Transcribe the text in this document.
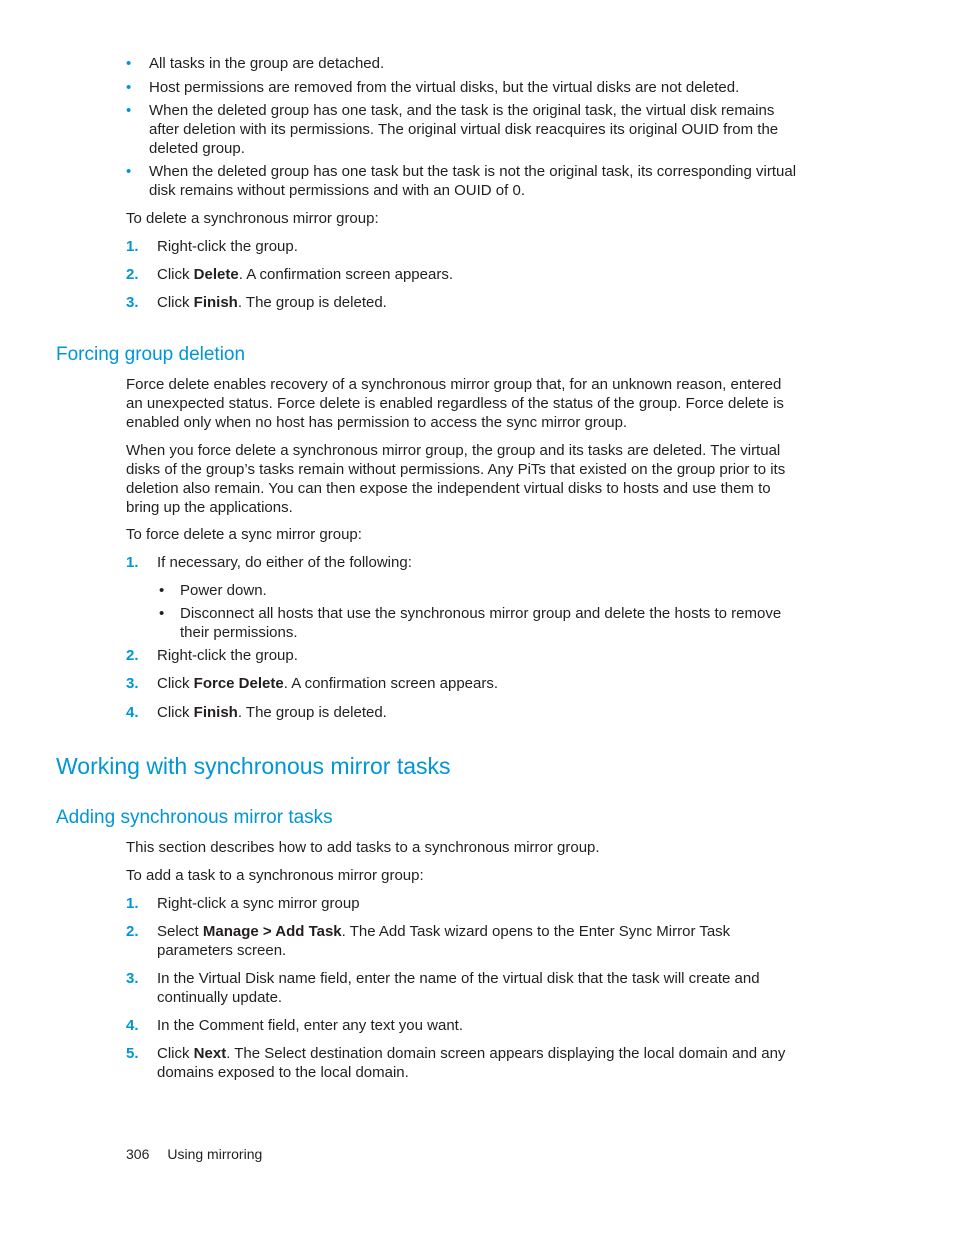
• All tasks in the group are detached.
• Host permissions are removed from the virtual disks, but the virtual disks are not deleted.
• When the deleted group has one task, and the task is the original task, the virtual disk remains after deletion with its permissions. The original virtual disk reacquires its original OUID from the deleted group.
• When the deleted group has one task but the task is not the original task, its corresponding virtual disk remains without permissions and with an OUID of 0.
To delete a synchronous mirror group:
1. Right-click the group.
2. Click Delete. A confirmation screen appears.
3. Click Finish. The group is deleted.
Forcing group deletion
Force delete enables recovery of a synchronous mirror group that, for an unknown reason, entered an unexpected status. Force delete is enabled regardless of the status of the group. Force delete is enabled only when no host has permission to access the sync mirror group.
When you force delete a synchronous mirror group, the group and its tasks are deleted. The virtual disks of the group’s tasks remain without permissions. Any PiTs that existed on the group prior to its deletion also remain. You can then expose the independent virtual disks to hosts and use them to bring up the applications.
To force delete a sync mirror group:
1. If necessary, do either of the following:
• Power down.
• Disconnect all hosts that use the synchronous mirror group and delete the hosts to remove their permissions.
2. Right-click the group.
3. Click Force Delete. A confirmation screen appears.
4. Click Finish. The group is deleted.
Working with synchronous mirror tasks
Adding synchronous mirror tasks
This section describes how to add tasks to a synchronous mirror group.
To add a task to a synchronous mirror group:
1. Right-click a sync mirror group
2. Select Manage > Add Task. The Add Task wizard opens to the Enter Sync Mirror Task parameters screen.
3. In the Virtual Disk name field, enter the name of the virtual disk that the task will create and continually update.
4. In the Comment field, enter any text you want.
5. Click Next. The Select destination domain screen appears displaying the local domain and any domains exposed to the local domain.
306 Using mirroring
